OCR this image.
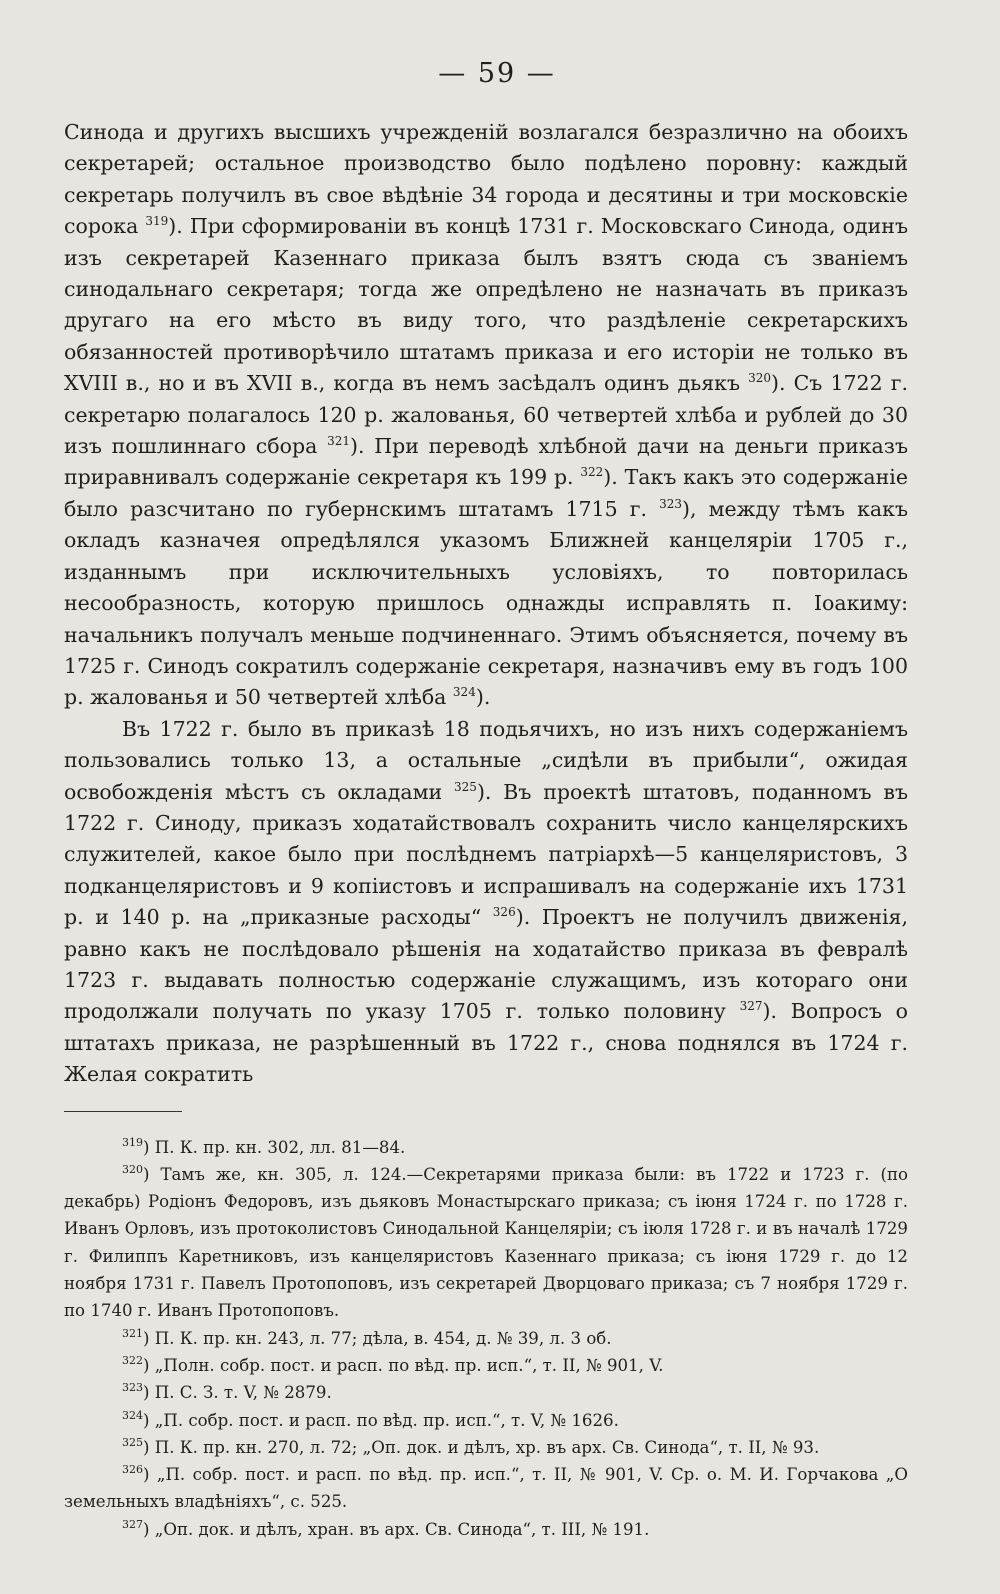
— 59 —

Синода и другихъ высшихъ учрежденій возлагался безразлично на обоихъ секретарей; остальное производство было подѣлено поровну: каждый секретарь получилъ въ свое вѣдѣніе 34 города и десятины и три московскіе сорока $^{319}$). При сформированіи въ концѣ 1731 г. Московскаго Синода, одинъ изъ секретарей Казеннаго приказа былъ взятъ сюда съ званіемъ синодальнаго секретаря; тогда же опредѣлено не назначать въ приказъ другаго на его мѣсто въ виду того, что раздѣленіе секретарскихъ обязанностей противорѣчило штатамъ приказа и его исторіи не только въ XVIII в., но и въ XVII в., когда въ немъ засѣдалъ одинъ дьякъ $^{320}$). Съ 1722 г. секретарю полагалось 120 р. жалованья, 60 четвертей хлѣба и рублей до 30 изъ пошлиннаго сбора $^{321}$). При переводѣ хлѣбной дачи на деньги приказъ приравнивалъ содержаніе секретаря къ 199 р. $^{322}$). Такъ какъ это содержаніе было разсчитано по губернскимъ штатамъ 1715 г. $^{323}$), между тѣмъ какъ окладъ казначея опредѣлялся указомъ Ближней канцеляріи 1705 г., изданнымъ при исключительныхъ условіяхъ, то повторилась несообразность, которую пришлось однажды исправлять п. Іоакиму: начальникъ получалъ меньше подчиненнаго. Этимъ объясняется, почему въ 1725 г. Синодъ сократилъ содержаніе секретаря, назначивъ ему въ годъ 100 р. жалованья и 50 четвертей хлѣба $^{324}$).

Въ 1722 г. было въ приказѣ 18 подьячихъ, но изъ нихъ содержаніемъ пользовались только 13, а остальные „сидѣли въ прибыли“, ожидая освобожденія мѣстъ съ окладами $^{325}$). Въ проектѣ штатовъ, поданномъ въ 1722 г. Синоду, приказъ ходатайствовалъ сохранить число канцелярскихъ служителей, какое было при послѣднемъ патріархѣ—5 канцеляристовъ, 3 подканцеляристовъ и 9 копіистовъ и испрашивалъ на содержаніе ихъ 1731 р. и 140 р. на „приказные расходы“ $^{326}$). Проектъ не получилъ движенія, равно какъ не послѣдовало рѣшенія на ходатайство приказа въ февралѣ 1723 г. выдавать полностью содержаніе служащимъ, изъ котораго они продолжали получать по указу 1705 г. только половину $^{327}$). Вопросъ о штатахъ приказа, не разрѣшенный въ 1722 г., снова поднялся въ 1724 г. Желая сократить

$^{319}$) П. К. пр. кн. 302, лл. 81—84.

$^{320}$) Тамъ же, кн. 305, л. 124.—Секретарями приказа были: въ 1722 и 1723 г. (по декабрь) Родіонъ Федоровъ, изъ дьяковъ Монастырскаго приказа; съ іюня 1724 г. по 1728 г. Иванъ Орловъ, изъ протоколистовъ Синодальной Канцеляріи; съ іюля 1728 г. и въ началѣ 1729 г. Филиппъ Каретниковъ, изъ канцеляристовъ Казеннаго приказа; съ іюня 1729 г. до 12 ноября 1731 г. Павелъ Протопоповъ, изъ секретарей Дворцоваго приказа; съ 7 ноября 1729 г. по 1740 г. Иванъ Протопоповъ.

$^{321}$) П. К. пр. кн. 243, л. 77; дѣла, в. 454, д. № 39, л. 3 об.

$^{322}$) „Полн. собр. пост. и расп. по вѣд. пр. исп.“, т. II, № 901, V.

$^{323}$) П. С. З. т. V, № 2879.

$^{324}$) „П. собр. пост. и расп. по вѣд. пр. исп.“, т. V, № 1626.

$^{325}$) П. К. пр. кн. 270, л. 72; „Оп. док. и дѣлъ, хр. въ арх. Св. Синода“, т. II, № 93.

$^{326}$) „П. собр. пост. и расп. по вѣд. пр. исп.“, т. II, № 901, V. Ср. о. М. И. Горчакова „О земельныхъ владѣніяхъ“, с. 525.

$^{327}$) „Оп. док. и дѣлъ, хран. въ арх. Св. Синода“, т. III, № 191.
